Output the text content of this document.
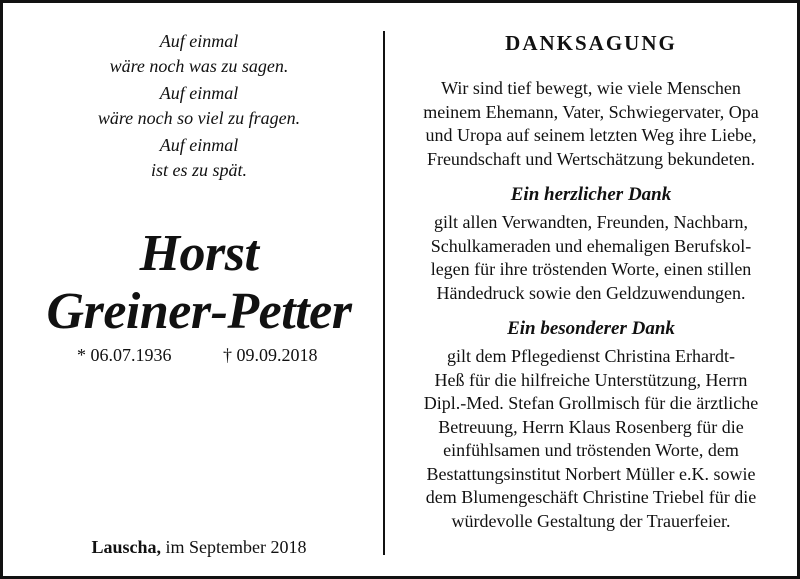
Auf einmal
wäre noch was zu sagen.
Auf einmal
wäre noch so viel zu fragen.
Auf einmal
ist es zu spät.
Horst
Greiner-Petter
* 06.07.1936	† 09.09.2018
Lauscha, im September 2018
DANKSAGUNG
Wir sind tief bewegt, wie viele Menschen
meinem Ehemann, Vater, Schwiegervater, Opa
und Uropa auf seinem letzten Weg ihre Liebe,
Freundschaft und Wertschätzung bekundeten.
Ein herzlicher Dank
gilt allen Verwandten, Freunden, Nachbarn,
Schulkameraden und ehemaligen Berufskol-
legen für ihre tröstenden Worte, einen stillen
Händedruck sowie den Geldzuwendungen.
Ein besonderer Dank
gilt dem Pflegedienst Christina Erhardt-
Heß für die hilfreiche Unterstützung, Herrn
Dipl.-Med. Stefan Grollmisch für die ärztliche
Betreuung, Herrn Klaus Rosenberg für die
einfühlsamen und tröstenden Worte, dem
Bestattungsinstitut Norbert Müller e.K. sowie
dem Blumengeschäft Christine Triebel für die
würdevolle Gestaltung der Trauerfeier.
